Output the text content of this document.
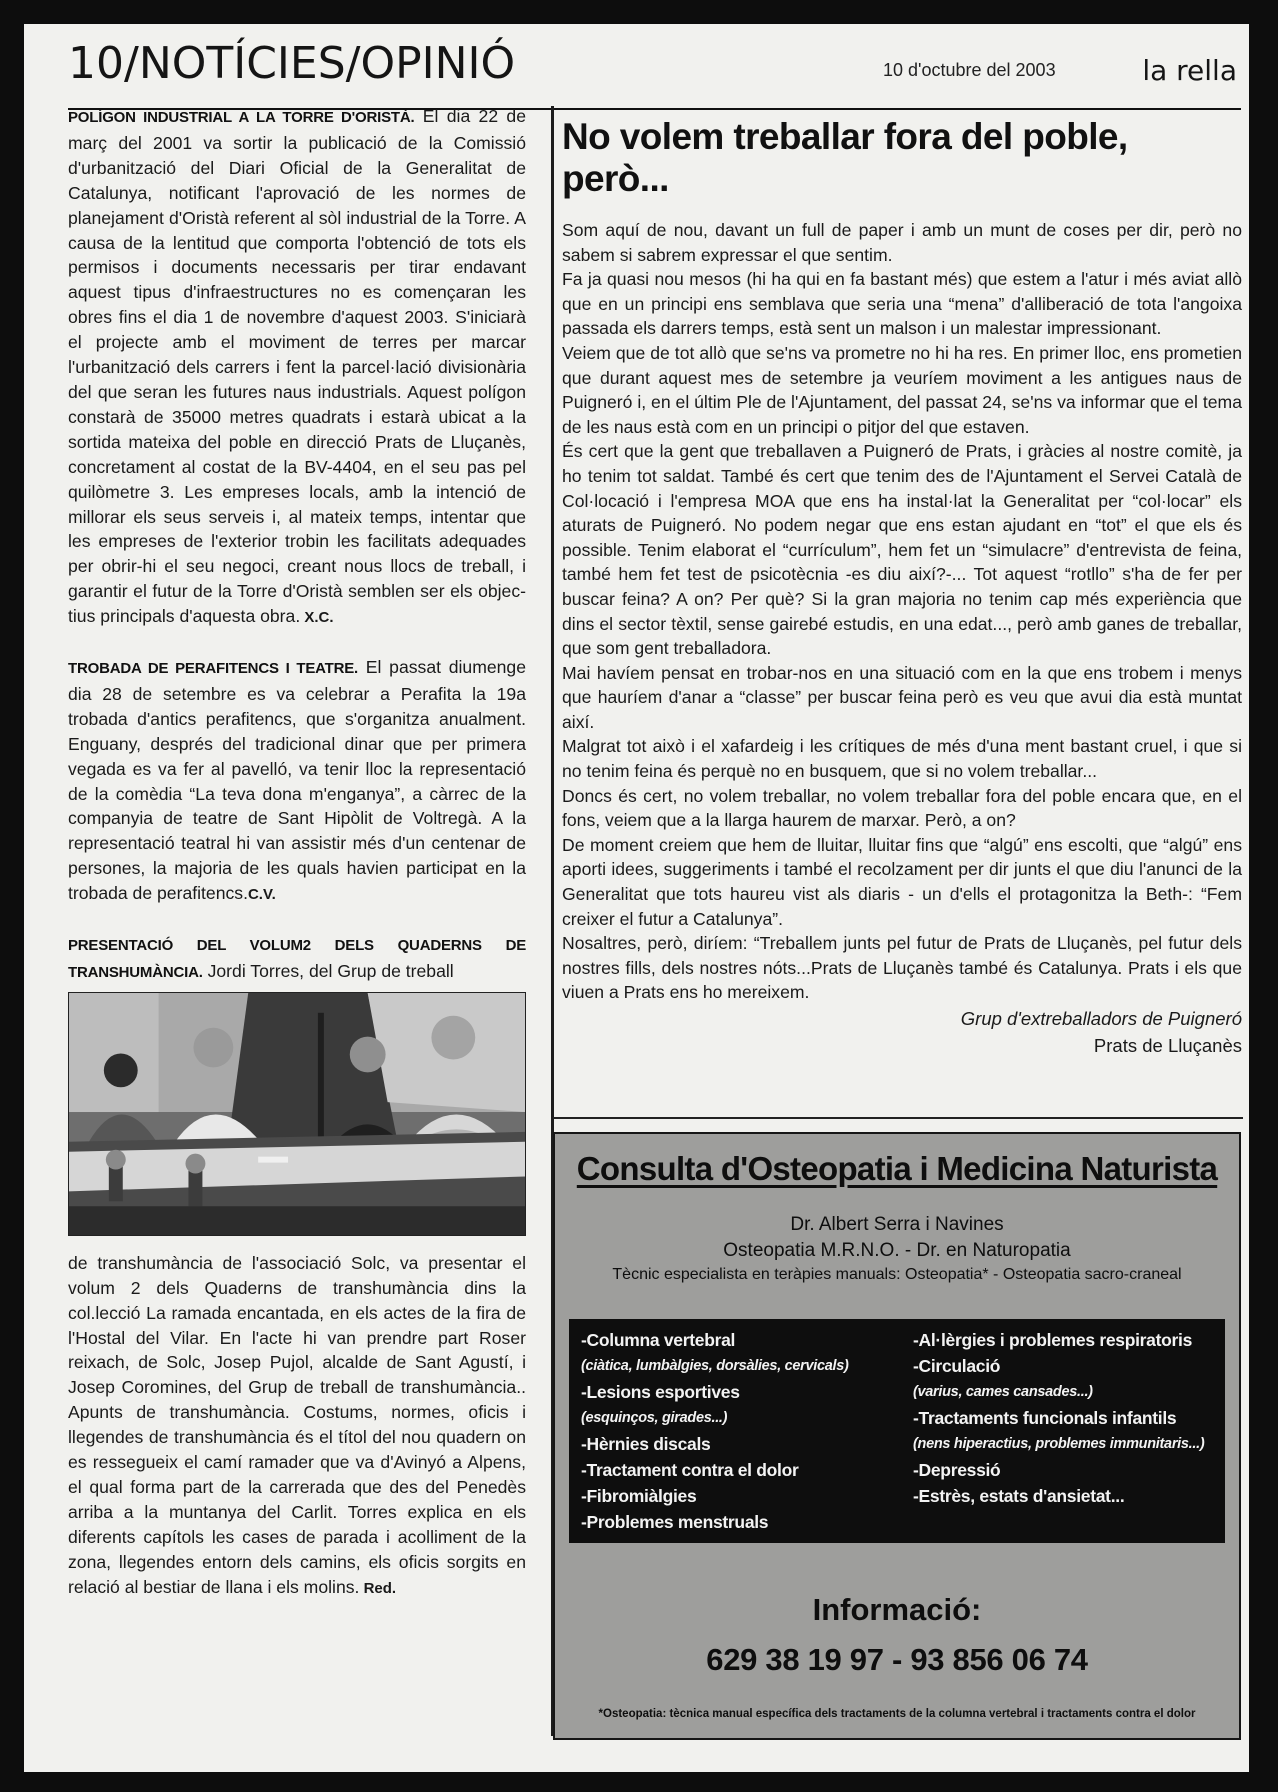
10/NOTÍCIES/OPINIÓ	10 d'octubre del 2003	la rella

POLÍGON INDUSTRIAL A LA TORRE D'ORISTÀ. El dia 22 de març del 2001 va sortir la publicació de la Comissió d'urbanització del Diari Oficial de la Generalitat de Catalunya, notificant l'aprovació de les normes de planejament d'Oristà referent al sòl industrial de la Torre. A causa de la lentitud que comporta l'obtenció de tots els permisos i documents necessaris per tirar endavant aquest tipus d'infraestructures no es començaran les obres fins el dia 1 de novembre d'aquest 2003. S'iniciarà el projecte amb el moviment de terres per marcar l'urbanització dels carrers i fent la parcel·lació divisionària del que seran les futures naus industrials. Aquest polígon constarà de 35000 metres quadrats i estarà ubicat a la sortida mateixa del poble en direcció Prats de Lluçanès, concretament al costat de la BV-4404, en el seu pas pel quilòmetre 3. Les empreses locals, amb la intenció de millorar els seus serveis i, al mateix temps, intentar que les empreses de l'exterior trobin les facilitats adequades per obrir-hi el seu negoci, creant nous llocs de treball, i garantir el futur de la Torre d'Oristà semblen ser els objectius principals d'aquesta obra. X.C.

TROBADA DE PERAFITENCS I TEATRE. El passat diumenge dia 28 de setembre es va celebrar a Perafita la 19a trobada d'antics perafitencs, que s'organitza anualment. Enguany, després del tradicional dinar que per primera vegada es va fer al pavelló, va tenir lloc la representació de la comèdia “La teva dona m'enganya”, a càrrec de la companyia de teatre de Sant Hipòlit de Voltregà. A la representació teatral hi van assistir més d'un centenar de persones, la majoria de les quals havien participat en la trobada de perafitencs.C.V.

PRESENTACIÓ DEL VOLUM2 DELS QUADERNS DE TRANSHUMÀNCIA. Jordi Torres, del Grup de treball

de transhumància de l'associació Solc, va presentar el volum 2 dels Quaderns de transhumància dins la col.lecció La ramada encantada, en els actes de la fira de l'Hostal del Vilar. En l'acte hi van prendre part Roser reixach, de Solc, Josep Pujol, alcalde de Sant Agustí, i Josep Coromines, del Grup de treball de transhumància.. Apunts de transhumància. Costums, normes, oficis i llegendes de transhumància és el títol del nou quadern on es ressegueix el camí ramader que va d'Avinyó a Alpens, el qual forma part de la carrerada que des del Penedès arriba a la muntanya del Carlit. Torres explica en els diferents capítols les cases de parada i acolliment de la zona, llegendes entorn dels camins, els oficis sorgits en relació al bestiar de llana i els molins. Red.

No volem treballar fora del poble, però...

Som aquí de nou, davant un full de paper i amb un munt de coses per dir, però no sabem si sabrem expressar el que sentim.

Fa ja quasi nou mesos (hi ha qui en fa bastant més) que estem a l'atur i més aviat allò que en un principi ens semblava que seria una “mena” d'alliberació de tota l'angoixa passada els darrers temps, està sent un malson i un malestar impressionant.

Veiem que de tot allò que se'ns va prometre no hi ha res. En primer lloc, ens prometien que durant aquest mes de setembre ja veuríem moviment a les antigues naus de Puigneró i, en el últim Ple de l'Ajuntament, del passat 24, se'ns va informar que el tema de les naus està com en un principi o pitjor del que estaven.

És cert que la gent que treballaven a Puigneró de Prats, i gràcies al nostre comitè, ja ho tenim tot saldat. També és cert que tenim des de l'Ajuntament el Servei Català de Col·locació i l'empresa MOA que ens ha instal·lat la Generalitat per “col·locar” els aturats de Puigneró. No podem negar que ens estan ajudant en “tot” el que els és possible. Tenim elaborat el “currículum”, hem fet un “simulacre” d'entrevista de feina, també hem fet test de psicotècnia -es diu així?-... Tot aquest “rotllo” s'ha de fer per buscar feina? A on? Per què? Si la gran majoria no tenim cap més experiència que dins el sector tèxtil, sense gairebé estudis, en una edat..., però amb ganes de treballar, que som gent treballadora.

Mai havíem pensat en trobar-nos en una situació com en la que ens trobem i menys que hauríem d'anar a “classe” per buscar feina però es veu que avui dia està muntat així.

Malgrat tot això i el xafardeig i les crítiques de més d'una ment bastant cruel, i que si no tenim feina és perquè no en busquem, que si no volem treballar...

Doncs és cert, no volem treballar, no volem treballar fora del poble encara que, en el fons, veiem que a la llarga haurem de marxar. Però, a on?

De moment creiem que hem de lluitar, lluitar fins que “algú” ens escolti, que “algú” ens aporti idees, suggeriments i també el recolzament per dir junts el que diu l'anunci de la Generalitat que tots haureu vist als diaris - un d'ells el protagonitza la Beth-: “Fem creixer el futur a Catalunya”.

Nosaltres, però, diríem: “Treballem junts pel futur de Prats de Lluçanès, pel futur dels nostres fills, dels nostres nóts...Prats de Lluçanès també és Catalunya. Prats i els que viuen a Prats ens ho mereixem.

Grup d'extreballadors de Puigneró
Prats de Lluçanès
Consulta d'Osteopatia i Medicina Naturista
Dr. Albert Serra i Navines
Osteopatia M.R.N.O. - Dr. en Naturopatia
Tècnic especialista en teràpies manuals: Osteopatia* - Osteopatia sacro-craneal
-Columna vertebral
(ciàtica, lumbàlgies, dorsàlies, cervicals)
-Lesions esportives
(esquinços, girades...)
-Hèrnies discals
-Tractament contra el dolor
-Fibromiàlgies
-Problemes menstruals
-Al·lèrgies i problemes respiratoris
-Circulació
(varius, cames cansades...)
-Tractaments funcionals infantils
(nens hiperactius, problemes immunitaris...)
-Depressió
-Estrès, estats d'ansietat...
Informació:
629 38 19 97 - 93 856 06 74
*Osteopatia: tècnica manual específica dels tractaments de la columna vertebral i tractaments contra el dolor
